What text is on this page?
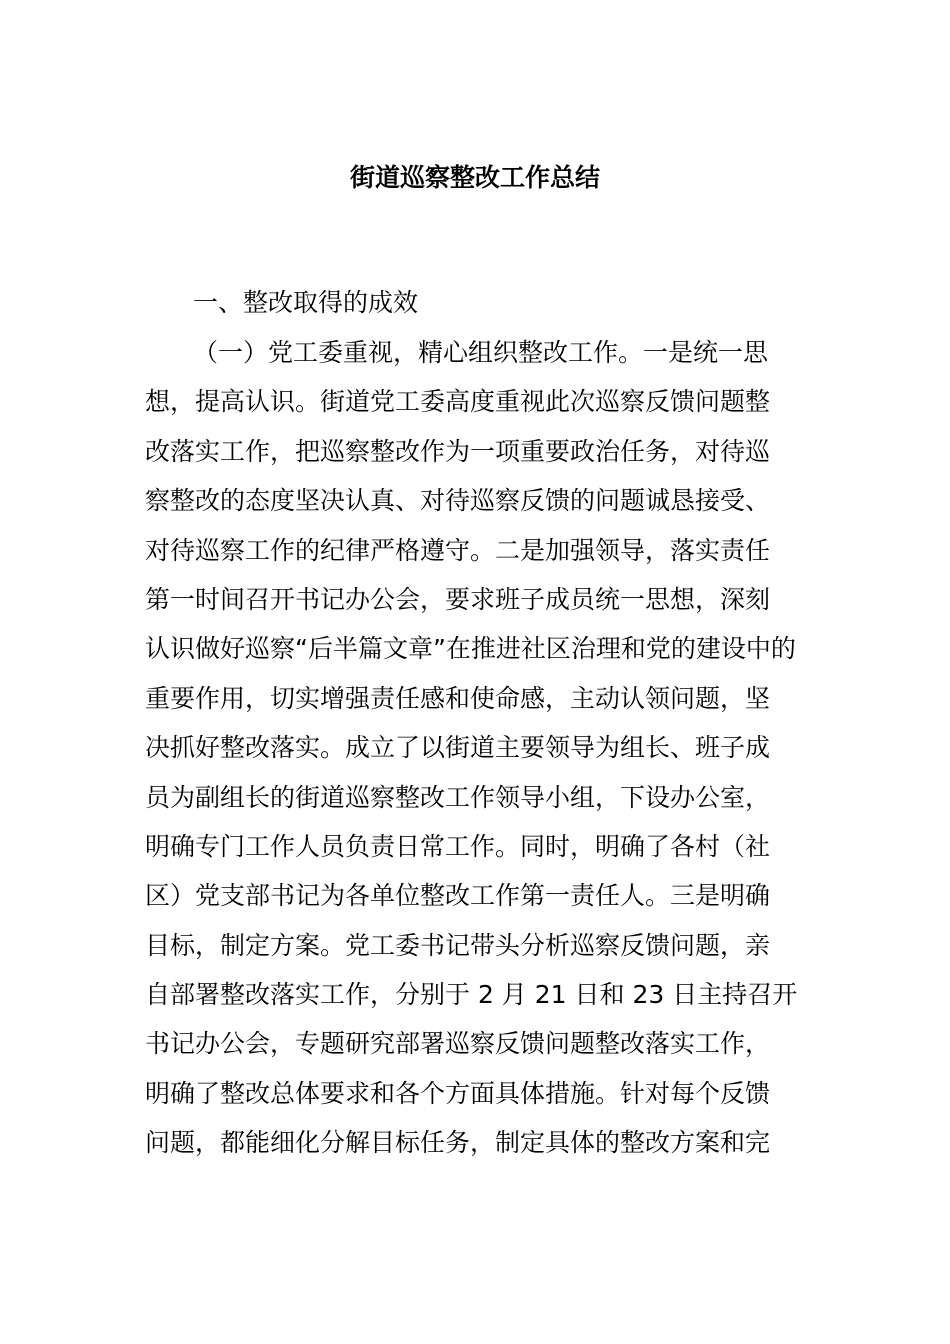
街道巡察整改工作总结
一、整改取得的成效
（一）党工委重视，精心组织整改工作。一是统一思
想，提高认识。街道党工委高度重视此次巡察反馈问题整
改落实工作，把巡察整改作为一项重要政治任务，对待巡
察整改的态度坚决认真、对待巡察反馈的问题诚恳接受、
对待巡察工作的纪律严格遵守。二是加强领导，落实责任
第一时间召开书记办公会，要求班子成员统一思想，深刻
认识做好巡察“后半篇文章”在推进社区治理和党的建设中的
重要作用，切实增强责任感和使命感，主动认领问题，坚
决抓好整改落实。成立了以街道主要领导为组长、班子成
员为副组长的街道巡察整改工作领导小组，下设办公室，
明确专门工作人员负责日常工作。同时，明确了各村（社
区）党支部书记为各单位整改工作第一责任人。三是明确
目标，制定方案。党工委书记带头分析巡察反馈问题，亲
自部署整改落实工作，分别于 2 月 21 日和 23 日主持召开
书记办公会，专题研究部署巡察反馈问题整改落实工作，
明确了整改总体要求和各个方面具体措施。针对每个反馈
问题，都能细化分解目标任务，制定具体的整改方案和完
